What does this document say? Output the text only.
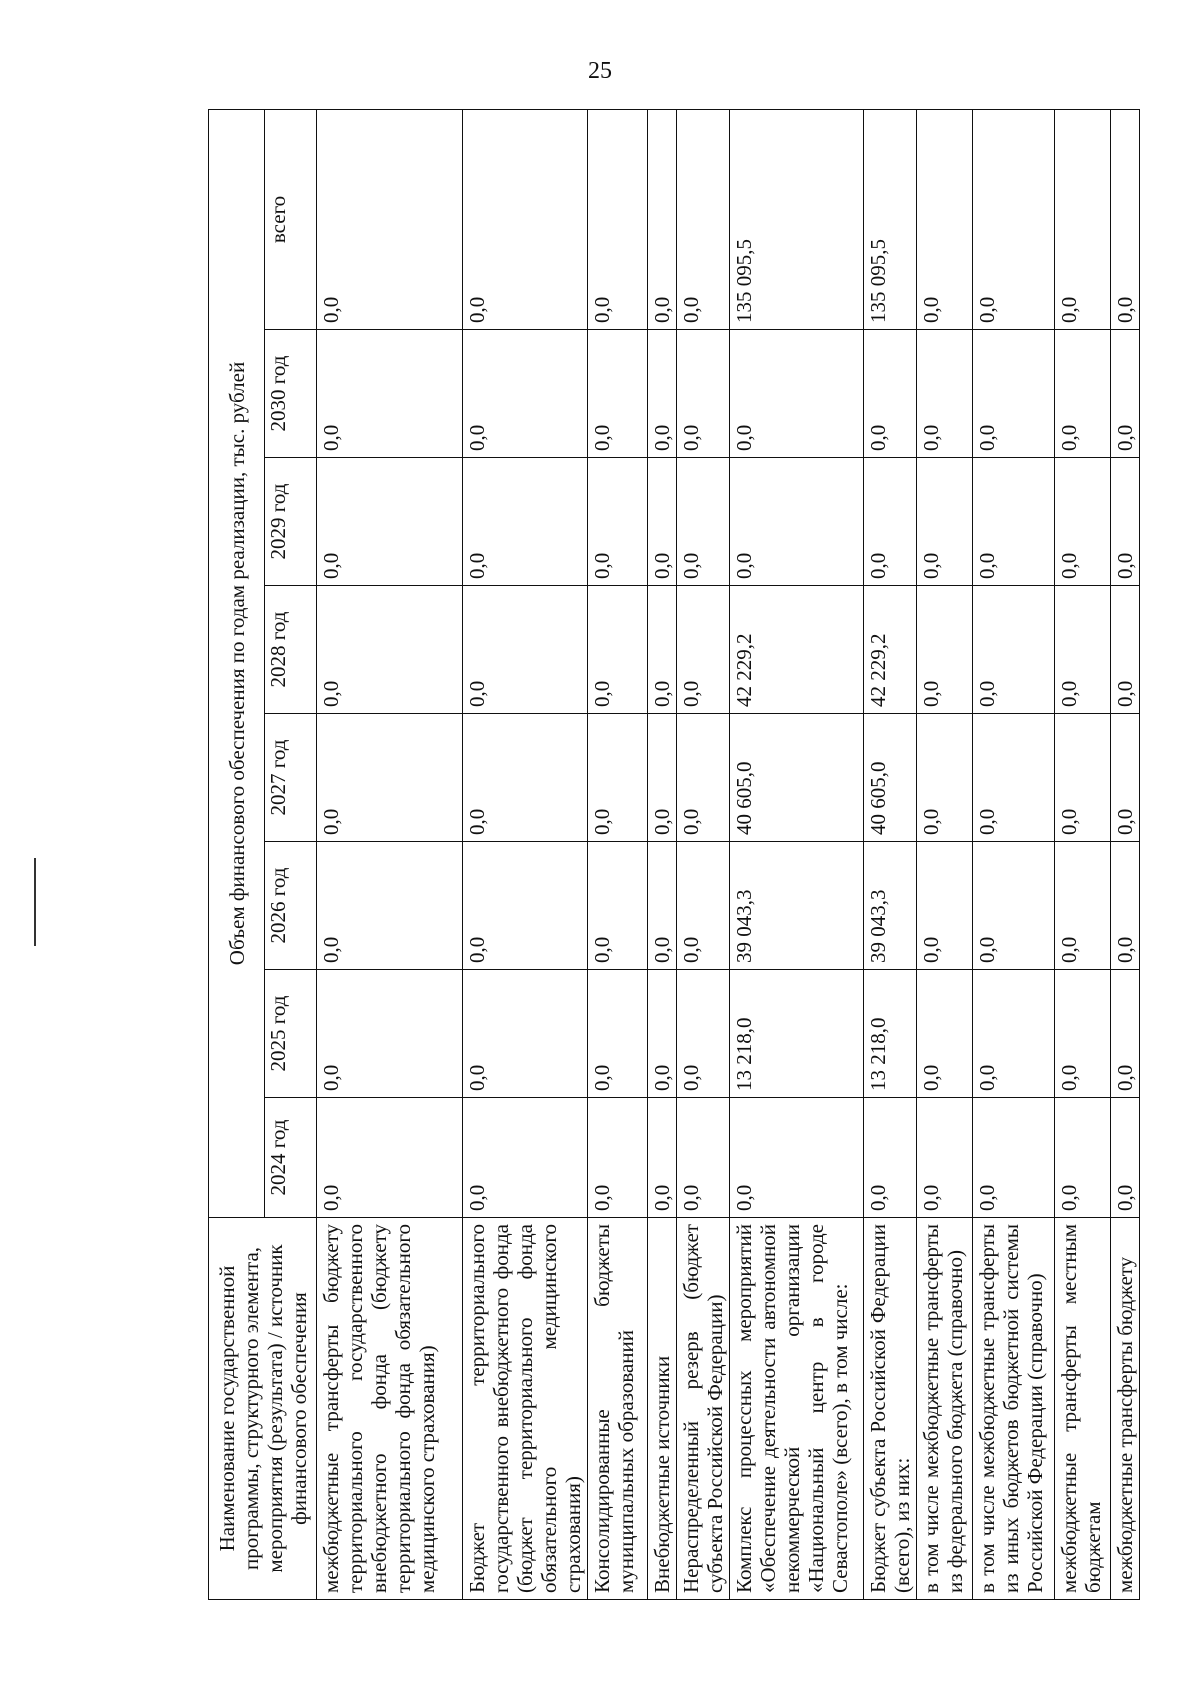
25
Наименование государственной программы, структурного элемента, мероприятия (результата) / источник финансового обеспечения	Объем финансового обеспечения по годам реализации, тыс. рублей							
	2024 год	2025 год	2026 год	2027 год	2028 год	2029 год	2030 год	всего
межбюджетные трансферты бюджету территориального государственного внебюджетного фонда (бюджету территориального фонда обязательного медицинского страхования)	0,0	0,0	0,0	0,0	0,0	0,0	0,0	0,0
Бюджет территориального государственного внебюджетного фонда (бюджет территориального фонда обязательного медицинского страхования)	0,0	0,0	0,0	0,0	0,0	0,0	0,0	0,0
Консолидированные бюджеты муниципальных образований	0,0	0,0	0,0	0,0	0,0	0,0	0,0	0,0
Внебюджетные источники	0,0	0,0	0,0	0,0	0,0	0,0	0,0	0,0
Нераспределенный резерв (бюджет субъекта Российской Федерации)	0,0	0,0	0,0	0,0	0,0	0,0	0,0	0,0
Комплекс процессных мероприятий «Обеспечение деятельности автономной некоммерческой организации «Национальный центр в городе Севастополе» (всего), в том числе:	0,0	13 218,0	39 043,3	40 605,0	42 229,2	0,0	0,0	135 095,5
Бюджет субъекта Российской Федерации (всего), из них:	0,0	13 218,0	39 043,3	40 605,0	42 229,2	0,0	0,0	135 095,5
в том числе межбюджетные трансферты из федерального бюджета (справочно)	0,0	0,0	0,0	0,0	0,0	0,0	0,0	0,0
в том числе межбюджетные трансферты из иных бюджетов бюджетной системы Российской Федерации (справочно)	0,0	0,0	0,0	0,0	0,0	0,0	0,0	0,0
межбюджетные трансферты местным бюджетам	0,0	0,0	0,0	0,0	0,0	0,0	0,0	0,0
межбюджетные трансферты бюджету	0,0	0,0	0,0	0,0	0,0	0,0	0,0	0,0
